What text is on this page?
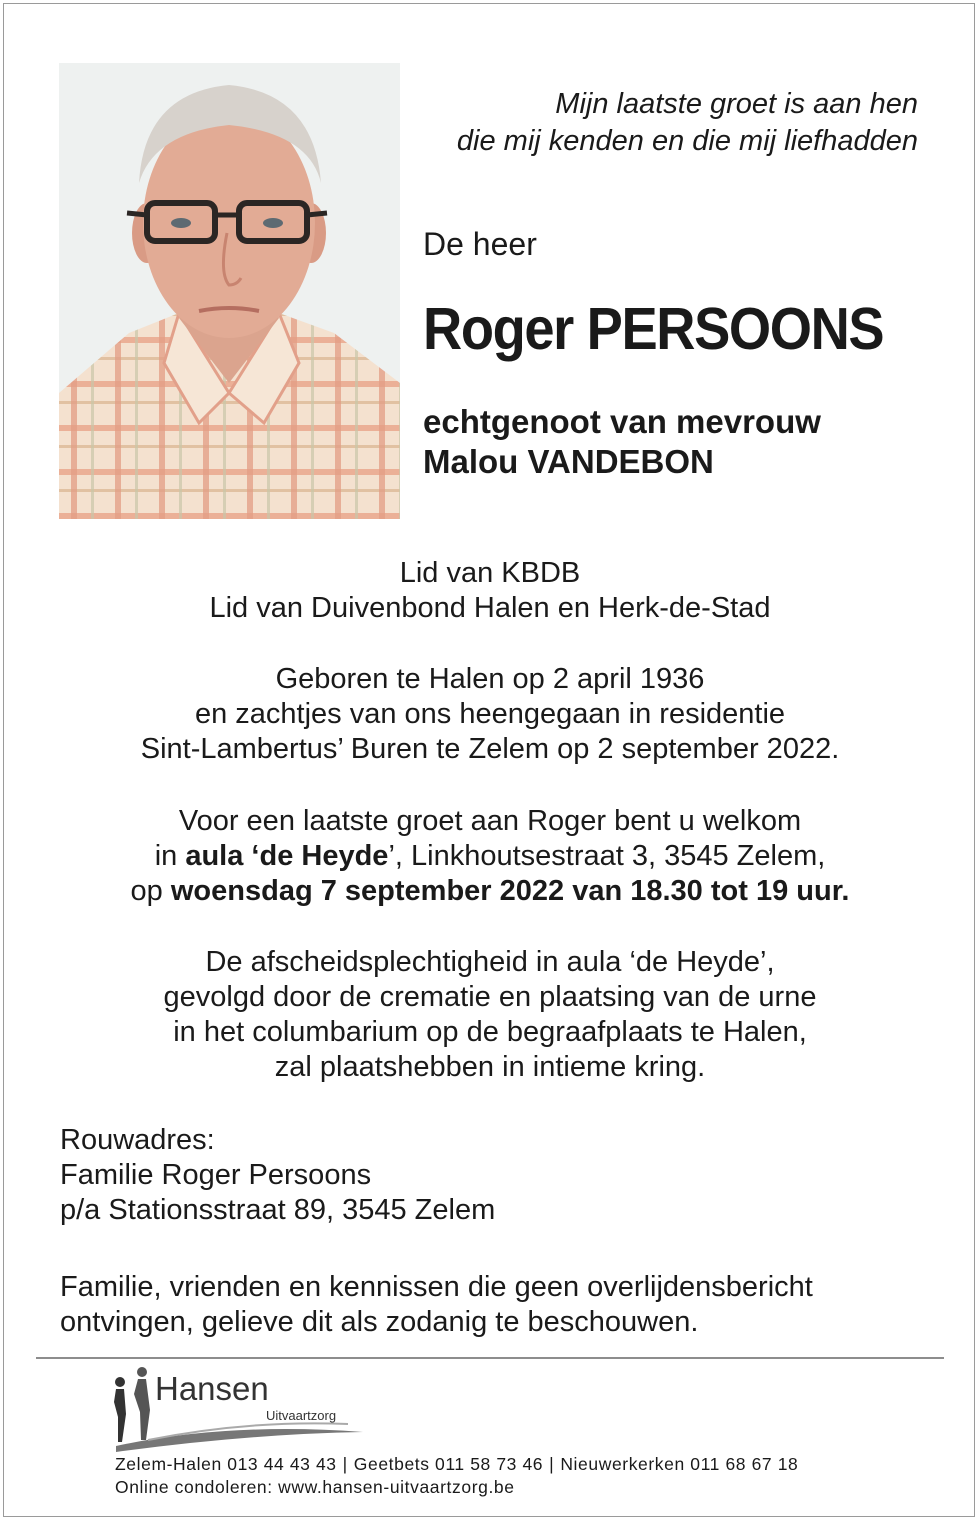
Mijn laatste groet is aan hen
die mij kenden en die mij liefhadden
De heer
Roger PERSOONS
echtgenoot van mevrouw
Malou VANDEBON

Lid van KBDB

Lid van Duivenbond Halen en Herk-de-Stad

Geboren te Halen op 2 april 1936

en zachtjes van ons heengegaan in residentie

Sint-Lambertus’ Buren te Zelem op 2 september 2022.

Voor een laatste groet aan Roger bent u welkom

in aula ‘de Heyde’, Linkhoutsestraat 3, 3545 Zelem,

op woensdag 7 september 2022 van 18.30 tot 19 uur.

De afscheidsplechtigheid in aula ‘de Heyde’,

gevolgd door de crematie en plaatsing van de urne

in het columbarium op de begraafplaats te Halen,

zal plaatshebben in intieme kring.

Rouwadres:

Familie Roger Persoons

p/a Stationsstraat 89, 3545 Zelem

Familie, vrienden en kennissen die geen overlijdensbericht

ontvingen, gelieve dit als zodanig te beschouwen.

Hansen
Uitvaartzorg
Zelem-Halen 013 44 43 43 | Geetbets 011 58 73 46 | Nieuwerkerken 011 68 67 18
Online condoleren: www.hansen-uitvaartzorg.be
